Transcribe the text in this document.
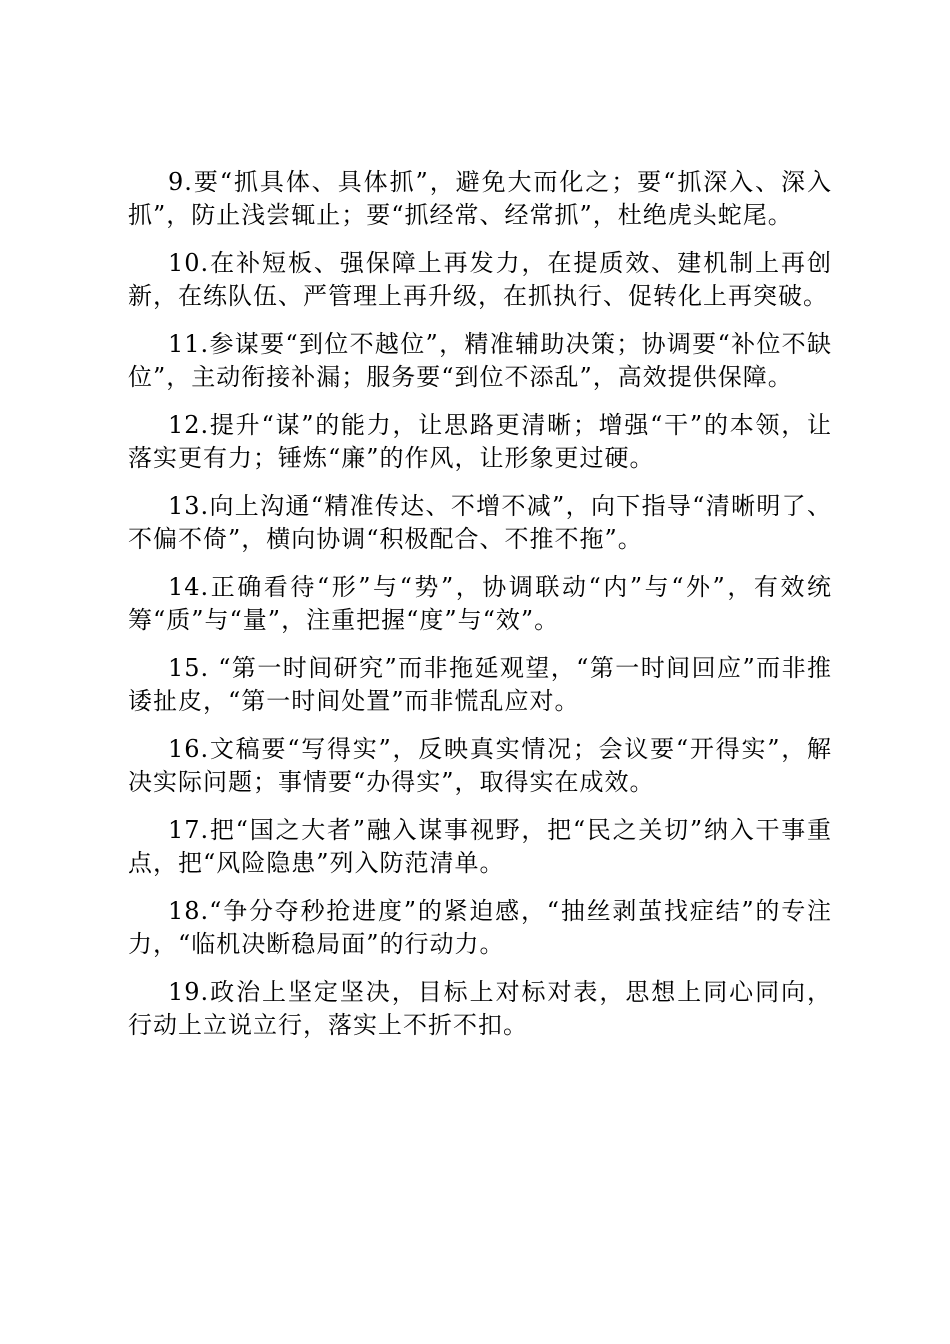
9.要“抓具体、具体抓”，避免大而化之；要“抓深入、深入抓”，防止浅尝辄止；要“抓经常、经常抓”，杜绝虎头蛇尾。

10.在补短板、强保障上再发力，在提质效、建机制上再创新，在练队伍、严管理上再升级，在抓执行、促转化上再突破。

11.参谋要“到位不越位”，精准辅助决策；协调要“补位不缺位”，主动衔接补漏；服务要“到位不添乱”，高效提供保障。

12.提升“谋”的能力，让思路更清晰；增强“干”的本领，让落实更有力；锤炼“廉”的作风，让形象更过硬。

13.向上沟通“精准传达、不增不减”，向下指导“清晰明了、不偏不倚”，横向协调“积极配合、不推不拖”。

14.正确看待“形”与“势”，协调联动“内”与“外”，有效统筹“质”与“量”，注重把握“度”与“效”。

15. “第一时间研究”而非拖延观望，“第一时间回应”而非推诿扯皮，“第一时间处置”而非慌乱应对。

16.文稿要“写得实”，反映真实情况；会议要“开得实”，解决实际问题；事情要“办得实”，取得实在成效。

17.把“国之大者”融入谋事视野，把“民之关切”纳入干事重点，把“风险隐患”列入防范清单。

18.“争分夺秒抢进度”的紧迫感，“抽丝剥茧找症结”的专注力，“临机决断稳局面”的行动力。

19.政治上坚定坚决，目标上对标对表，思想上同心同向，行动上立说立行，落实上不折不扣。
